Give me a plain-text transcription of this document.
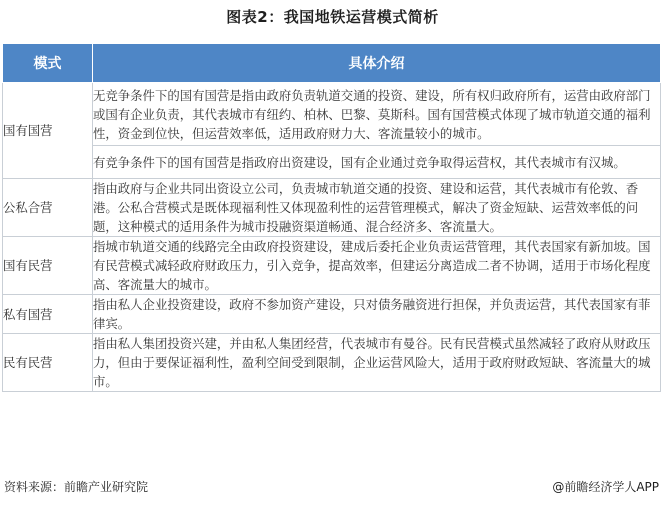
图表2：我国地铁运营模式简析
模式	具体介绍
国有国营	无竞争条件下的国有国营是指由政府负责轨道交通的投资、建设，所有权归政府所有，运营由政府部门或国有企业负责，其代表城市有纽约、柏林、巴黎、莫斯科。国有国营模式体现了城市轨道交通的福利性，资金到位快，但运营效率低，适用政府财力大、客流量较小的城市。
	有竞争条件下的国有国营是指政府出资建设，国有企业通过竞争取得运营权，其代表城市有汉城。
公私合营	指由政府与企业共同出资设立公司，负责城市轨道交通的投资、建设和运营，其代表城市有伦敦、香港。公私合营模式是既体现福利性又体现盈利性的运营管理模式，解决了资金短缺、运营效率低的问题，这种模式的适用条件为城市投融资渠道畅通、混合经济多、客流量大。
国有民营	指城市轨道交通的线路完全由政府投资建设，建成后委托企业负责运营管理，其代表国家有新加坡。国有民营模式减轻政府财政压力，引入竞争，提高效率，但建运分离造成二者不协调，适用于市场化程度高、客流量大的城市。
私有国营	指由私人企业投资建设，政府不参加资产建设，只对债务融资进行担保，并负责运营，其代表国家有菲律宾。
民有民营	指由私人集团投资兴建，并由私人集团经营，代表城市有曼谷。民有民营模式虽然减轻了政府从财政压力，但由于要保证福利性，盈利空间受到限制，企业运营风险大，适用于政府财政短缺、客流量大的城市。
资料来源：前瞻产业研究院	@前瞻经济学人APP
